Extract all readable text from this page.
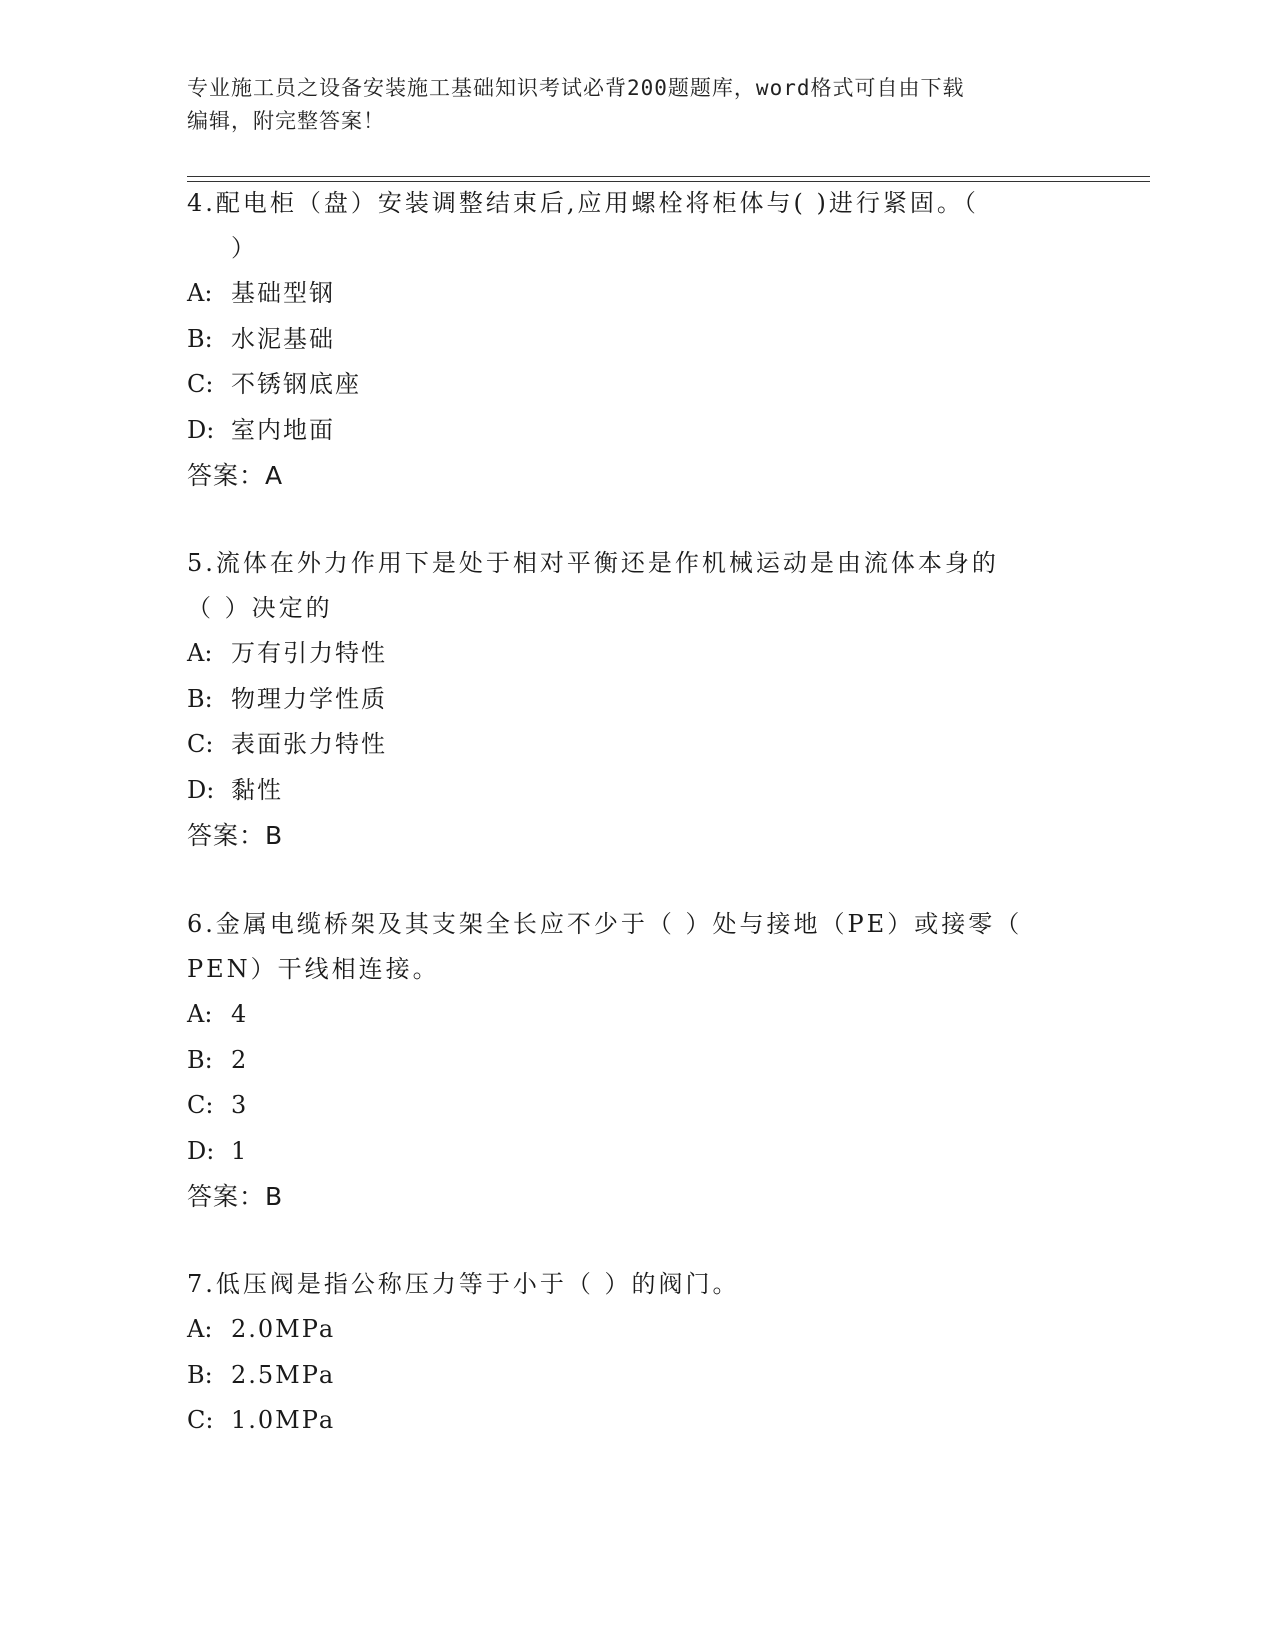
专业施工员之设备安装施工基础知识考试必背200题题库，word格式可自由下载
编辑，附完整答案！
4.配电柜（盘）安装调整结束后,应用螺栓将柜体与( )进行紧固。（
）
A: 基础型钢
B: 水泥基础
C: 不锈钢底座
D: 室内地面
答案：A
5.流体在外力作用下是处于相对平衡还是作机械运动是由流体本身的
（ ）决定的
A: 万有引力特性
B: 物理力学性质
C: 表面张力特性
D: 黏性
答案：B
6.金属电缆桥架及其支架全长应不少于（ ）处与接地（PE）或接零（
PEN）干线相连接。
A: 4
B: 2
C: 3
D: 1
答案：B
7.低压阀是指公称压力等于小于（ ）的阀门。
A: 2.0MPa
B: 2.5MPa
C: 1.0MPa
